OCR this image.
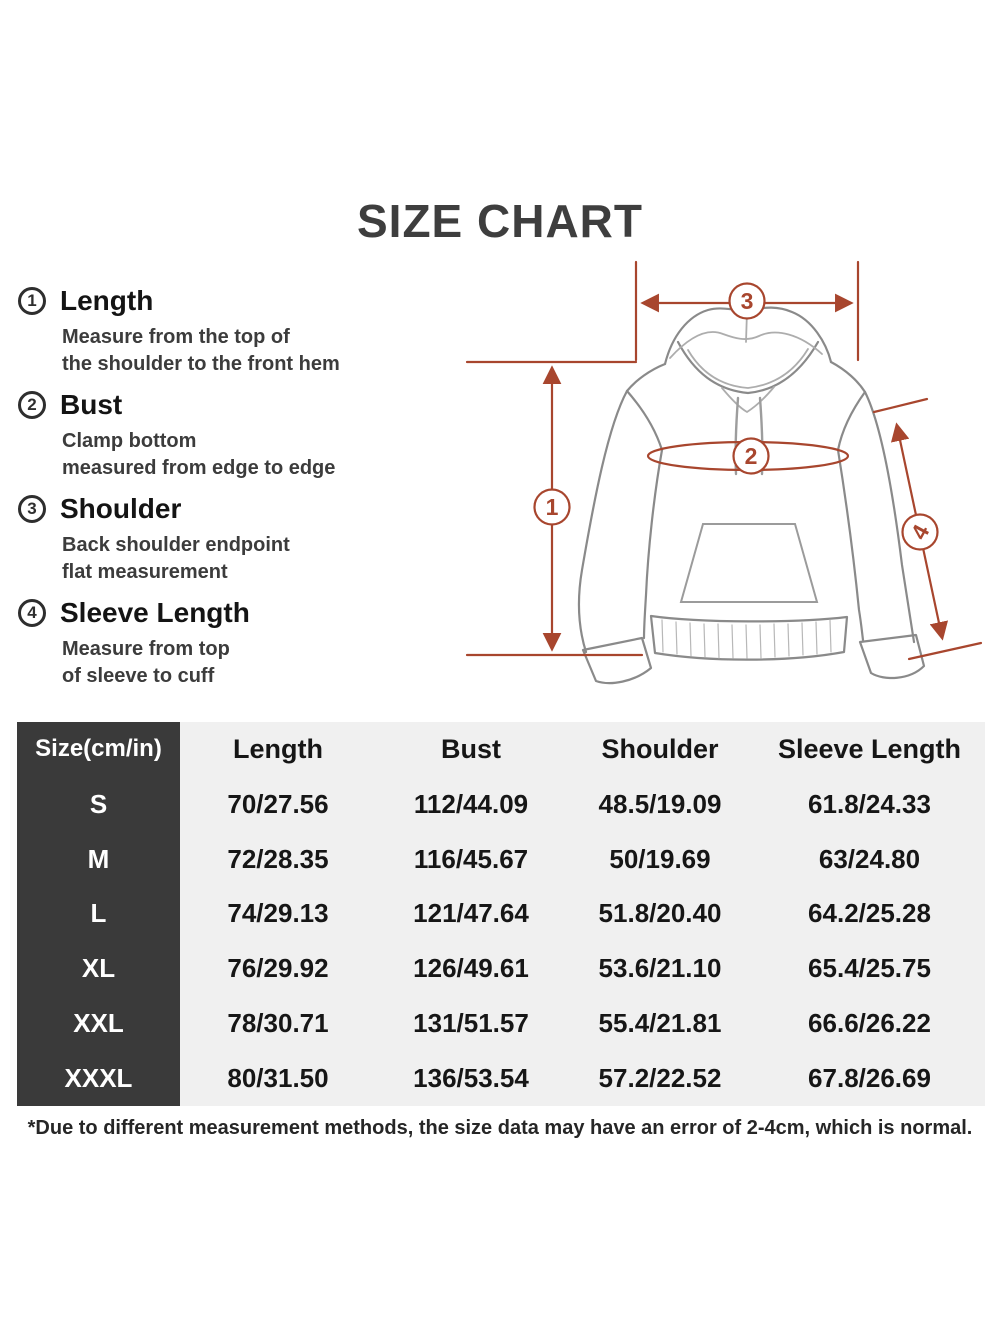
SIZE CHART
1 Length
Measure from the top of
the shoulder to the front hem
2 Bust
Clamp bottom
measured from edge to edge
3 Shoulder
Back shoulder endpoint
flat measurement
4 Sleeve Length
Measure from top
of sleeve to cuff
1
2
3
4
Size(cm/in)	Length	Bust	Shoulder	Sleeve Length
S	70/27.56	112/44.09	48.5/19.09	61.8/24.33
M	72/28.35	116/45.67	50/19.69	63/24.80
L	74/29.13	121/47.64	51.8/20.40	64.2/25.28
XL	76/29.92	126/49.61	53.6/21.10	65.4/25.75
XXL	78/30.71	131/51.57	55.4/21.81	66.6/26.22
XXXL	80/31.50	136/53.54	57.2/22.52	67.8/26.69
*Due to different measurement methods, the size data may have an error of 2-4cm, which is normal.
